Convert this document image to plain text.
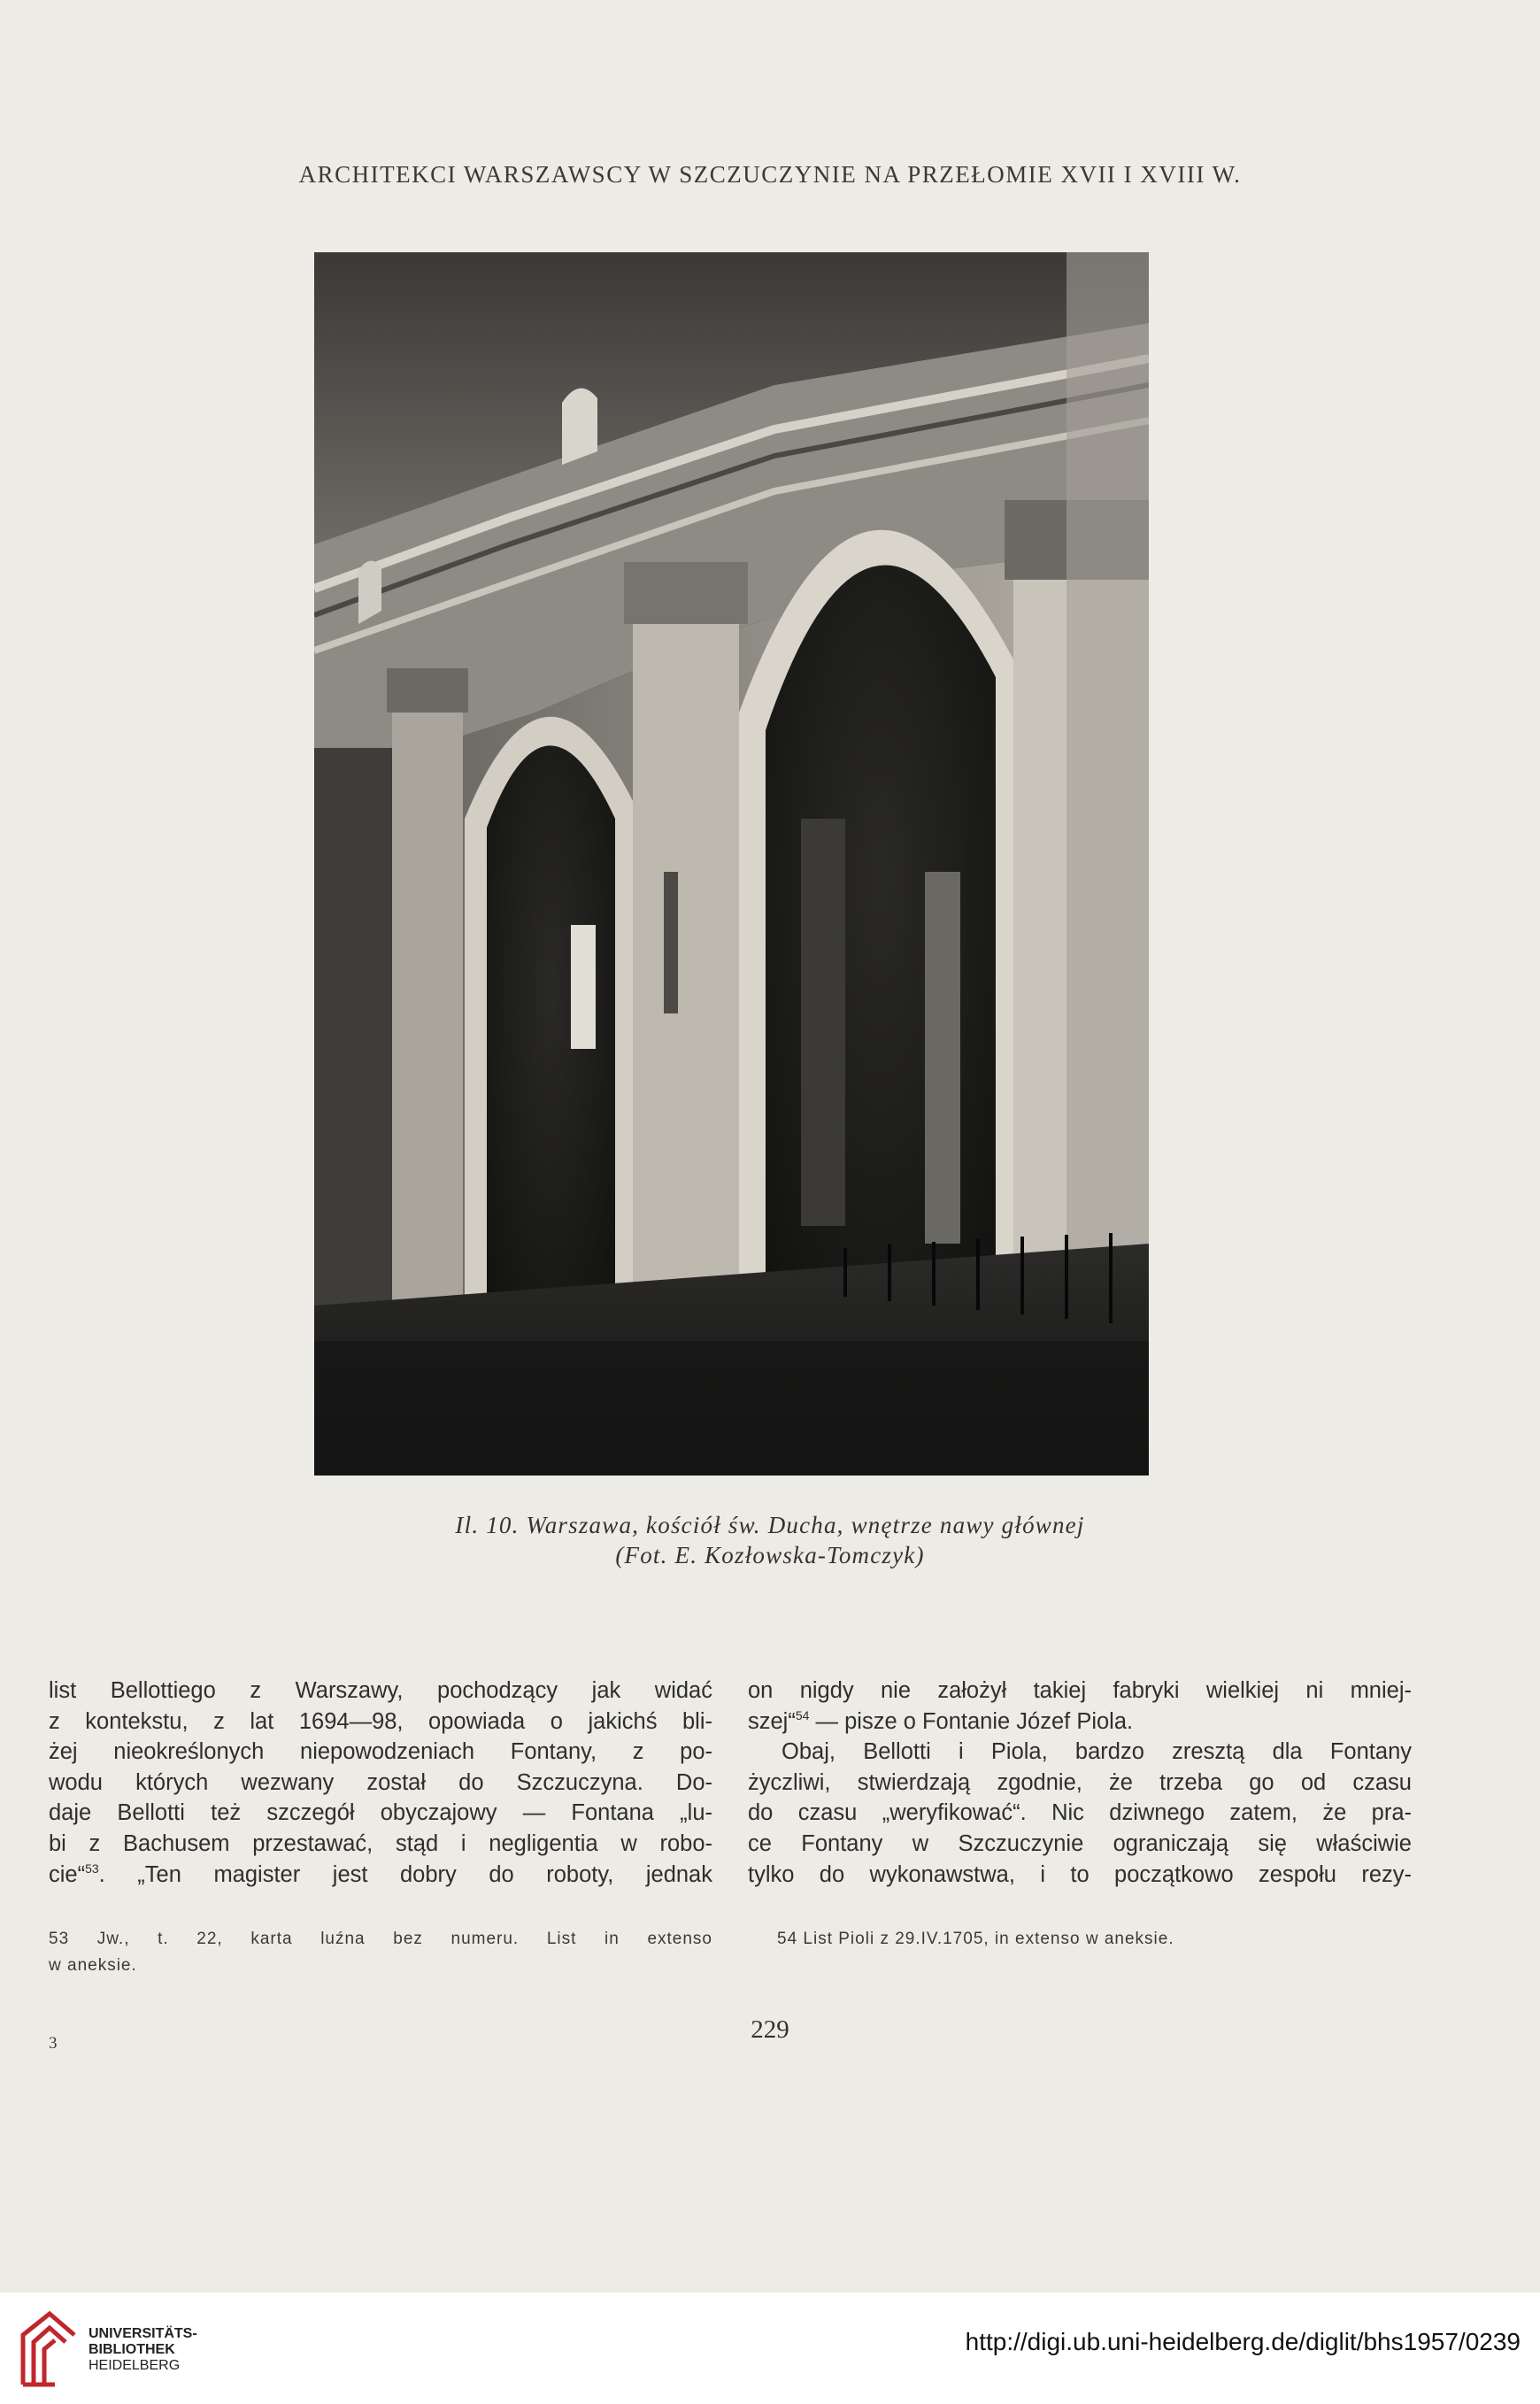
ARCHITEKCI WARSZAWSCY W SZCZUCZYNIE NA PRZEŁOMIE XVII I XVIII W.
Il. 10. Warszawa, kościół św. Ducha, wnętrze nawy głównej
(Fot. E. Kozłowska-Tomczyk)
list Bellottiego z Warszawy, pochodzący jak widać
z kontekstu, z lat 1694—98, opowiada o jakichś bli-
żej nieokreślonych niepowodzeniach Fontany, z po-
wodu których wezwany został do Szczuczyna. Do-
daje Bellotti też szczegół obyczajowy — Fontana „lu-
bi z Bachusem przestawać, stąd i negligentia w robo-
cie“$^{53}$. „Ten magister jest dobry do roboty, jednak
on nigdy nie założył takiej fabryki wielkiej ni mniej-
szej“$^{54}$ — pisze o Fontanie Józef Piola.
Obaj, Bellotti i Piola, bardzo zresztą dla Fontany
życzliwi, stwierdzają zgodnie, że trzeba go od czasu
do czasu „weryfikować“. Nic dziwnego zatem, że pra-
ce Fontany w Szczuczynie ograniczają się właściwie
tylko do wykonawstwa, i to początkowo zespołu rezy-
53 Jw., t. 22, karta luźna bez numeru. List in extenso
w aneksie.
54 List Pioli z 29.IV.1705, in extenso w aneksie.
229
3
UNIVERSITÄTS-
BIBLIOTHEK
HEIDELBERG
http://digi.ub.uni-heidelberg.de/diglit/bhs1957/0239
